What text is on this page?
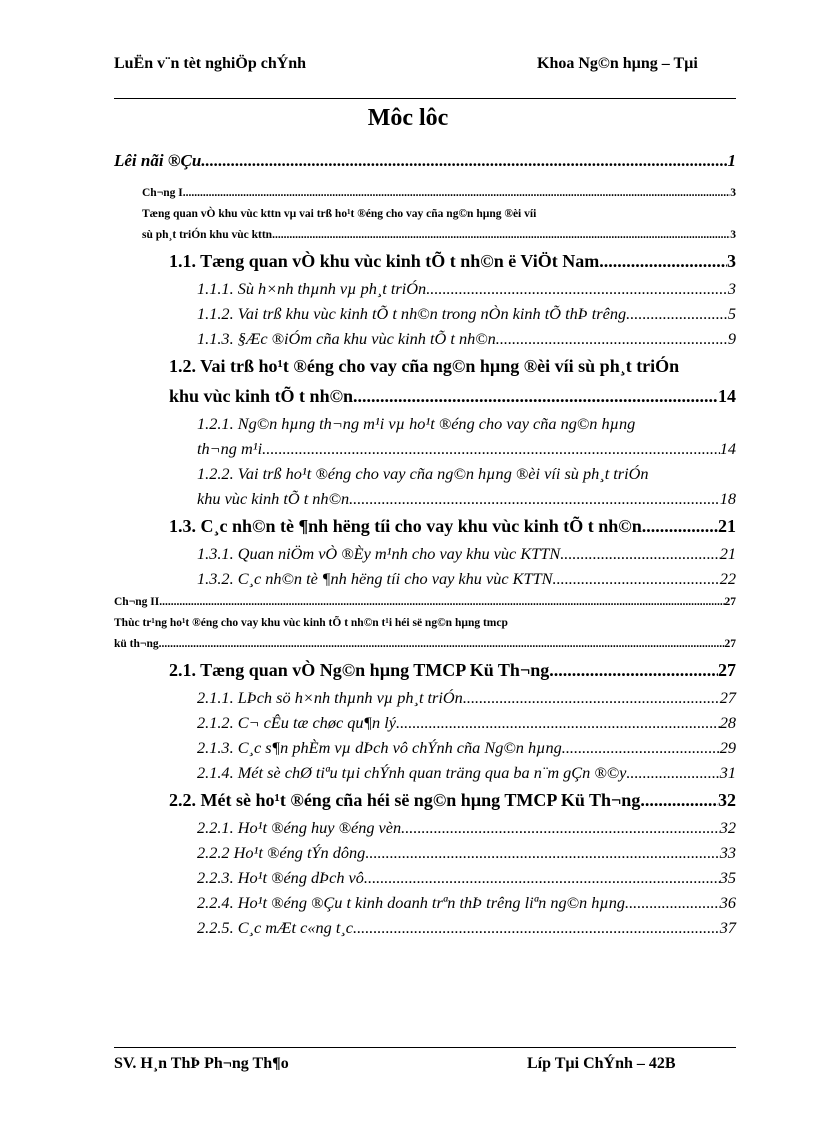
LuËn v¨n tèt nghiÖp chÝnh	Khoa Ng©n hµng – Tµi
Môc lôc
Lêi nãi ®Çu .....	1
Ch¬ng I .....	3
Tæng quan vÒ khu vùc kttn vµ vai trß ho¹t ®éng cho vay cña ng©n hµng ®èi víi
sù ph¸t triÓn khu vùc kttn .....	3
1.1. Tæng quan vÒ khu vùc kinh tÕ t nh©n ë ViÖt Nam .....	3
1.1.1. Sù h×nh thµnh vµ ph¸t triÓn .....	3
1.1.2. Vai trß khu vùc kinh tÕ t nh©n trong nÒn kinh tÕ thÞ trêng .....	5
1.1.3. §Æc ®iÓm cña khu vùc kinh tÕ t nh©n .....	9
1.2. Vai trß ho¹t ®éng cho vay cña ng©n hµng ®èi víi sù ph¸t triÓn
khu vùc kinh tÕ t nh©n .....	14
1.2.1. Ng©n hµng th¬ng m¹i vµ ho¹t ®éng cho vay cña ng©n hµng
th¬ng m¹i .....	14
1.2.2. Vai trß ho¹t ®éng cho vay cña ng©n hµng ®èi víi sù ph¸t triÓn
khu vùc kinh tÕ t nh©n .....	18
1.3. C¸c nh©n tè ¶nh hëng tíi cho vay khu vùc kinh tÕ t nh©n .....	21
1.3.1. Quan niÖm vÒ ®Èy m¹nh cho vay khu vùc KTTN .....	21
1.3.2. C¸c nh©n tè ¶nh hëng tíi cho vay khu vùc KTTN .....	22
Ch¬ng II .....	27
Thùc tr¹ng ho¹t ®éng cho vay khu vùc kinh tÕ t nh©n t¹i héi së ng©n hµng tmcp
kü th¬ng .....	27
2.1. Tæng quan vÒ Ng©n hµng TMCP Kü Th¬ng .....	27
2.1.1. LÞch sö h×nh thµnh vµ ph¸t triÓn .....	27
2.1.2. C¬ cÊu tæ chøc qu¶n lý .....	28
2.1.3. C¸c s¶n phÈm vµ dÞch vô chÝnh cña Ng©n hµng .....	29
2.1.4. Mét sè chØ tiªu tµi chÝnh quan träng qua ba n¨m gÇn ®©y .....	31
2.2. Mét sè ho¹t ®éng cña héi së ng©n hµng TMCP Kü Th¬ng .....	32
2.2.1. Ho¹t ®éng huy ®éng vèn .....	32
2.2.2 Ho¹t ®éng tÝn dông .....	33
2.2.3. Ho¹t ®éng dÞch vô .....	35
2.2.4. Ho¹t ®éng ®Çu t kinh doanh trªn thÞ trêng liªn ng©n hµng. .....	36
2.2.5. C¸c mÆt c«ng t¸c .....	37
SV. H¸n ThÞ Ph¬ng Th¶o	Líp Tµi ChÝnh – 42B
